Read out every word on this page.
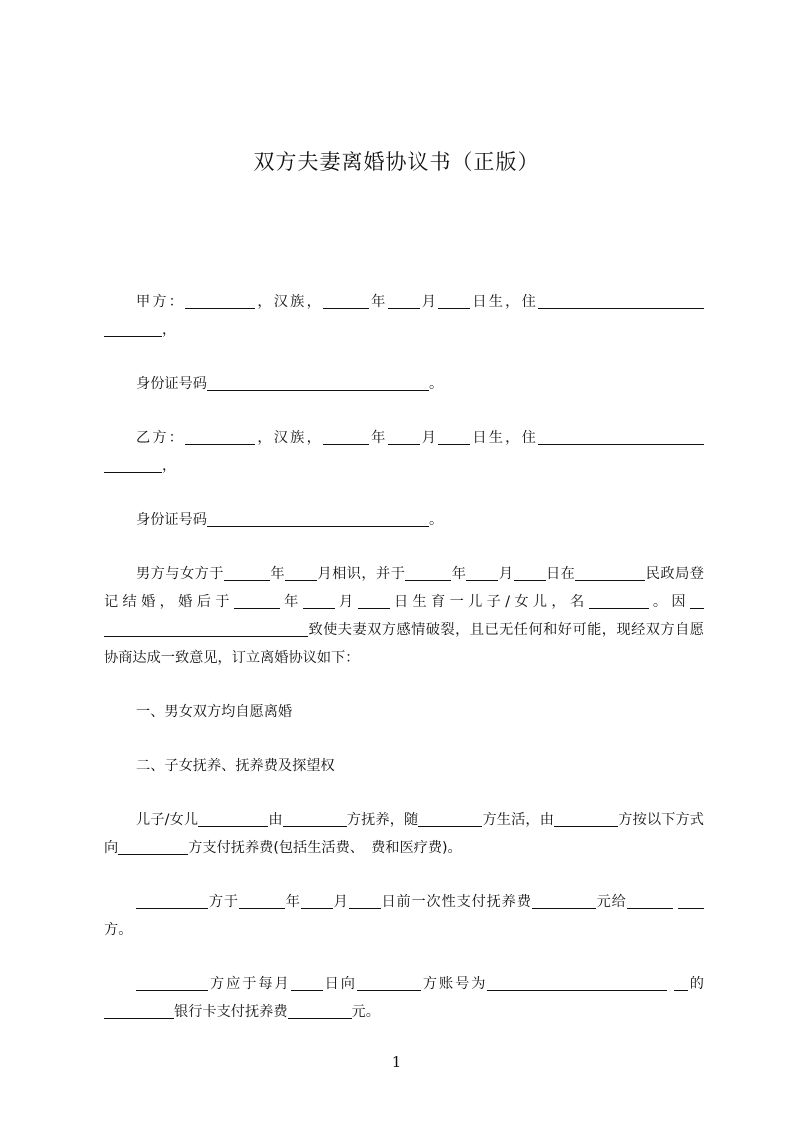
双方夫妻离婚协议书（正版）

甲方：	，汉族，	年 月 日生，住 ，

身份证号码	。

乙方：	，汉族，	年 月 日生，住 ，

身份证号码	。

男方与女方于	年 月相识，并于	年 月 日在	民政局登记结婚，婚后于	年 月 日生育一儿子/女儿，名	。因 致使夫妻双方感情破裂，且已无任何和好可能，现经双方自愿协商达成一致意见，订立离婚协议如下：

一、男女双方均自愿离婚

二、子女抚养、抚养费及探望权

儿子/女儿	由	方抚养，随	方生活，由	方按以下方式向	方支付抚养费(包括生活费、　费和医疗费)。

方于	年 月 日前一次性支付抚养费	元给 方。

方应于每月 日向	方账号为	的银行卡支付抚养费	元。

1
